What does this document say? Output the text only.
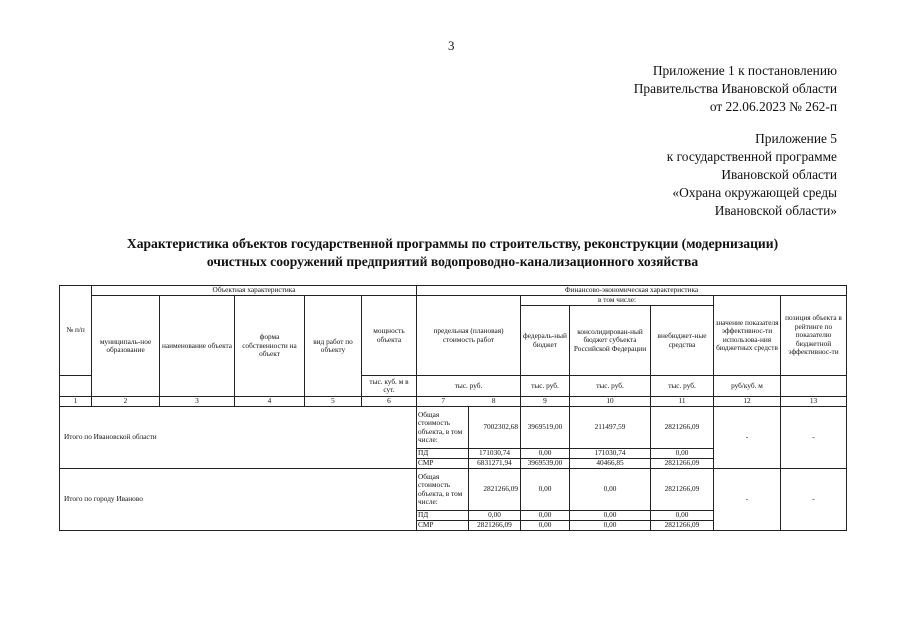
3
Приложение 1 к постановлению
Правительства Ивановской области
от 22.06.2023 № 262-п
Приложение 5
к государственной программе
Ивановской области
«Охрана окружающей среды
Ивановской области»
Характеристика объектов государственной программы по строительству, реконструкции (модернизации)
очистных сооружений предприятий водопроводно-канализационного хозяйства
№ п/п	Объектная характеристика					Финансово-экономическая характеристика						
	муниципаль-ное образование	наименование объекта	форма собственности на объект	вид работ по объекту	мощность объекта	предельная (плановая) стоимость работ		в том числе:			значение показателя эффективнос-ти использова-ния бюджетных средств	позиция объекта в рейтинге по показателю бюджетной эффективнос-ти
								федераль-ный бюджет	консолидирован-ный бюджет субъекта Российской Федерации	внебюджет-ные средства		
					тыс. куб. м в сут.	тыс. руб.		тыс. руб.	тыс. руб.	тыс. руб.	руб/куб. м	
1	2	3	4	5	6	7 8		9	10	11	12	13
Итого по Ивановской области						Общая стоимость объекта, в том числе:	7002302,68	3969519,00	211497,59	2821266,09	-	-
						ПД	171030,74	0,00	171030,74	0,00		
						СМР	6831271,94	3969539,00	40466,85	2821266,09		
Итого по городу Иваново						Общая стоимость объекта, в том числе:	2821266,09	0,00	0,00	2821266,09	-	-
						ПД	0,00	0,00	0,00	0,00		
						СМР	2821266,09	0,00	0,00	2821266,09		
